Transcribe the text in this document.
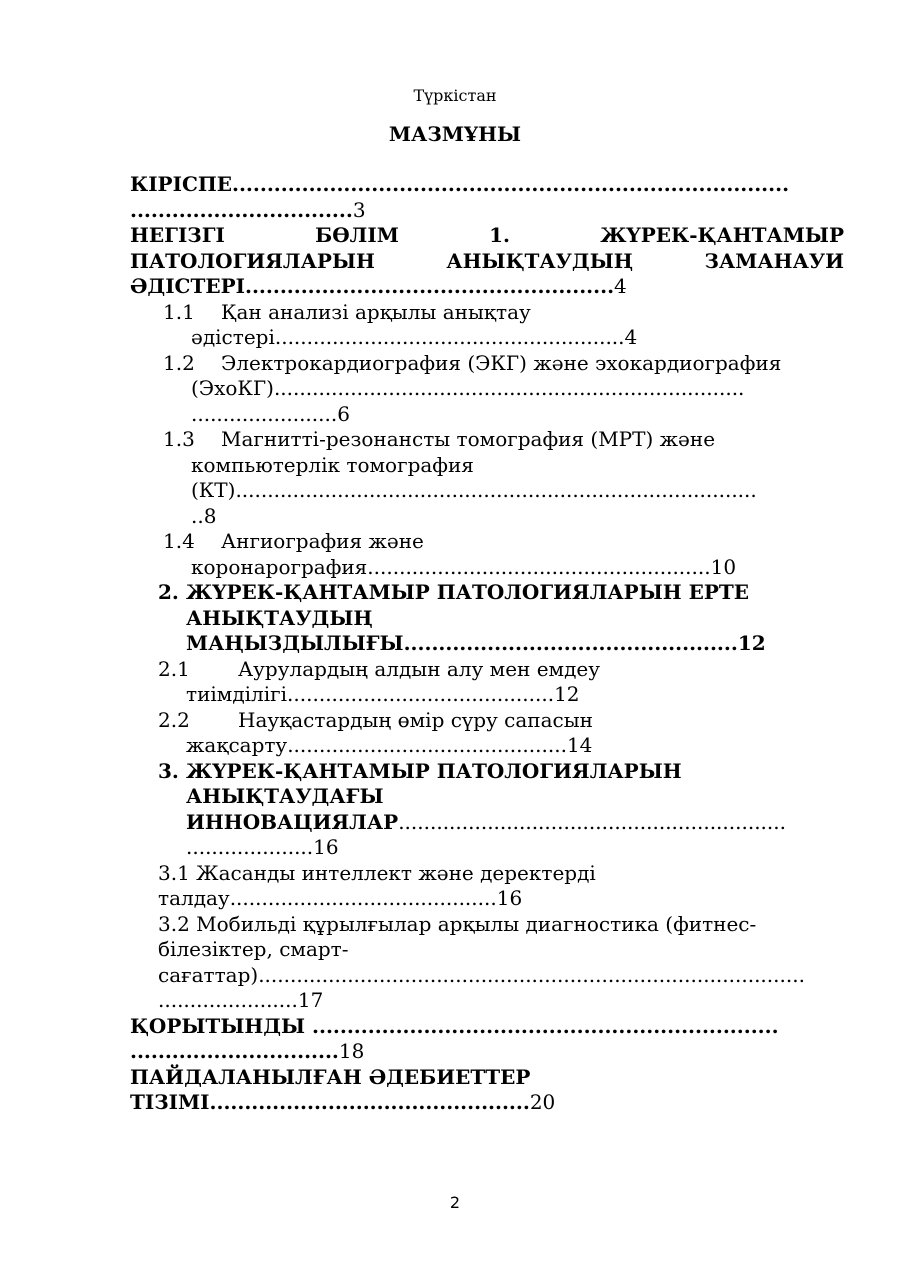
Түркістан
МАЗМҰНЫ
КІРІСПЕ................................................................................
................................3
НЕГІЗГІ БӨЛІМ 1. ЖҮРЕК-ҚАНТАМЫР
ПАТОЛОГИЯЛАРЫН АНЫҚТАУДЫҢ ЗАМАНАУИ
ӘДІСТЕРІ.....................................................4
1.1 Қан анализі арқылы анықтау
әдістері.......................................................4
1.2 Электрокардиография (ЭКГ) және эхокардиография
(ЭхоКГ)..........................................................................
.......................6
1.3 Магнитті-резонансты томография (МРТ) және
компьютерлік томография
(КТ)..................................................................................
..8
1.4 Ангиография және
коронарография......................................................10
2. ЖҮРЕК-ҚАНТАМЫР ПАТОЛОГИЯЛАРЫН ЕРТЕ
АНЫҚТАУДЫҢ
МАҢЫЗДЫЛЫҒЫ................................................12
2.1 Аурулардың алдын алу мен емдеу
тиімділігі..........................................12
2.2 Науқастардың өмір сүру сапасын
жақсарту............................................14
3. ЖҮРЕК-ҚАНТАМЫР ПАТОЛОГИЯЛАРЫН
АНЫҚТАУДАҒЫ
ИННОВАЦИЯЛАР.............................................................
....................16
3.1 Жасанды интеллект және деректерді
талдау..........................................16
3.2 Мобильді құрылғылар арқылы диагностика (фитнес-
білезіктер, смарт-
сағаттар)......................................................................................
......................17
ҚОРЫТЫНДЫ ...................................................................
..............................18
ПАЙДАЛАНЫЛҒАН ӘДЕБИЕТТЕР
ТІЗІМІ..............................................20
2
